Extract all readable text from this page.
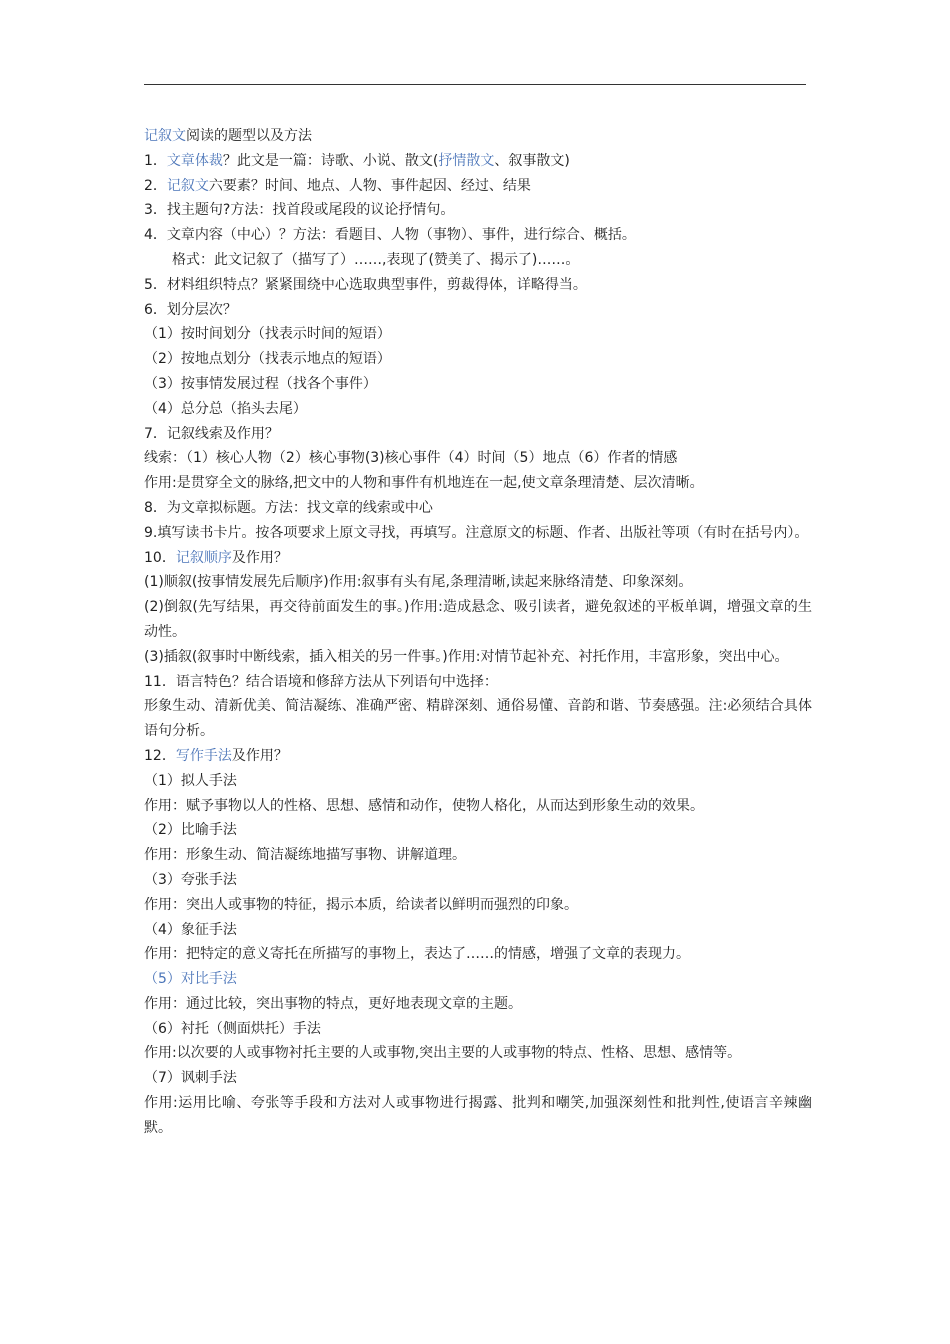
记叙文阅读的题型以及方法
1．文章体裁？此文是一篇：诗歌、小说、散文(抒情散文、叙事散文)
2．记叙文六要素？时间、地点、人物、事件起因、经过、结果
3．找主题句?方法：找首段或尾段的议论抒情句。
4．文章内容（中心）？方法：看题目、人物（事物）、事件，进行综合、概括。
格式：此文记叙了（描写了）……,表现了(赞美了、揭示了)……。
5．材料组织特点？紧紧围绕中心选取典型事件，剪裁得体，详略得当。
6．划分层次？
（1）按时间划分（找表示时间的短语）
（2）按地点划分（找表示地点的短语）
（3）按事情发展过程（找各个事件）
（4）总分总（掐头去尾）
7．记叙线索及作用？
线索：（1）核心人物（2）核心事物(3)核心事件（4）时间（5）地点（6）作者的情感
作用:是贯穿全文的脉络,把文中的人物和事件有机地连在一起,使文章条理清楚、层次清晰。
8．为文章拟标题。方法：找文章的线索或中心
9.填写读书卡片。按各项要求上原文寻找，再填写。注意原文的标题、作者、出版社等项（有时在括号内）。
10．记叙顺序及作用？
(1)顺叙(按事情发展先后顺序)作用:叙事有头有尾,条理清晰,读起来脉络清楚、印象深刻。
(2)倒叙(先写结果，再交待前面发生的事。)作用:造成悬念、吸引读者，避免叙述的平板单调，增强文章的生动性。
(3)插叙(叙事时中断线索，插入相关的另一件事。)作用:对情节起补充、衬托作用，丰富形象，突出中心。
11．语言特色？结合语境和修辞方法从下列语句中选择：
形象生动、清新优美、简洁凝练、准确严密、精辟深刻、通俗易懂、音韵和谐、节奏感强。注:必须结合具体语句分析。
12．写作手法及作用？
（1）拟人手法
作用：赋予事物以人的性格、思想、感情和动作，使物人格化，从而达到形象生动的效果。
（2）比喻手法
作用：形象生动、简洁凝练地描写事物、讲解道理。
（3）夸张手法
作用：突出人或事物的特征，揭示本质，给读者以鲜明而强烈的印象。
（4）象征手法
作用：把特定的意义寄托在所描写的事物上，表达了……的情感，增强了文章的表现力。
（5）对比手法
作用：通过比较，突出事物的特点，更好地表现文章的主题。
（6）衬托（侧面烘托）手法
作用:以次要的人或事物衬托主要的人或事物,突出主要的人或事物的特点、性格、思想、感情等。
（7）讽刺手法
作用:运用比喻、夸张等手段和方法对人或事物进行揭露、批判和嘲笑,加强深刻性和批判性,使语言辛辣幽默。
